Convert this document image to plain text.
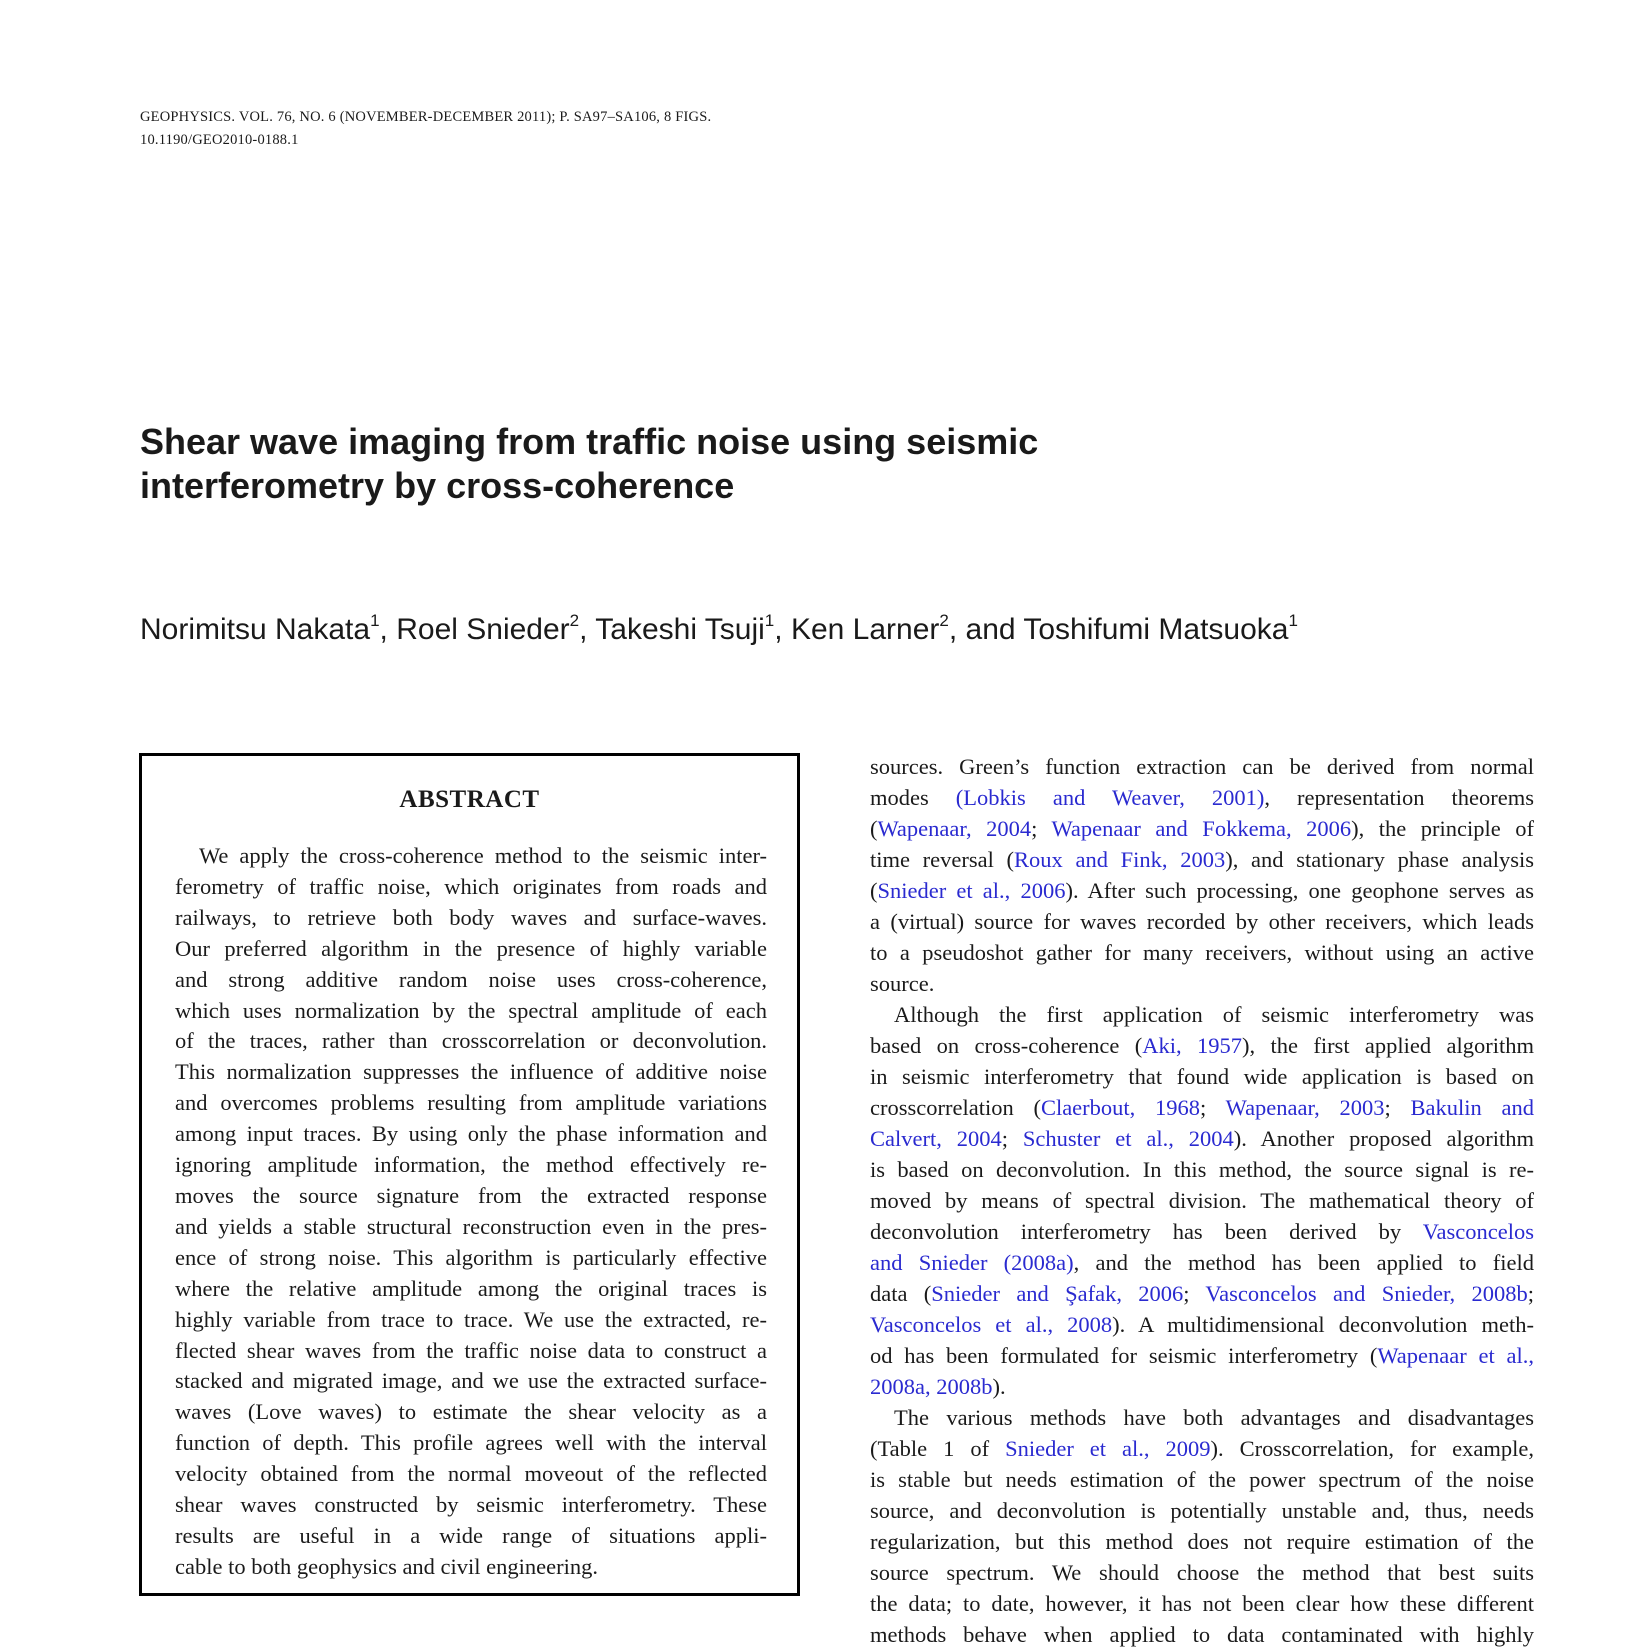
GEOPHYSICS. VOL. 76, NO. 6 (NOVEMBER-DECEMBER 2011); P. SA97–SA106, 8 FIGS.
10.1190/GEO2010-0188.1
Shear wave imaging from traffic noise using seismic
interferometry by cross-coherence
Norimitsu Nakata$^1$, Roel Snieder$^2$, Takeshi Tsuji$^1$, Ken Larner$^2$, and Toshifumi Matsuoka$^1$
ABSTRACT
We apply the cross-coherence method to the seismic inter-
ferometry of traffic noise, which originates from roads and
railways, to retrieve both body waves and surface-waves.
Our preferred algorithm in the presence of highly variable
and strong additive random noise uses cross-coherence,
which uses normalization by the spectral amplitude of each
of the traces, rather than crosscorrelation or deconvolution.
This normalization suppresses the influence of additive noise
and overcomes problems resulting from amplitude variations
among input traces. By using only the phase information and
ignoring amplitude information, the method effectively re-
moves the source signature from the extracted response
and yields a stable structural reconstruction even in the pres-
ence of strong noise. This algorithm is particularly effective
where the relative amplitude among the original traces is
highly variable from trace to trace. We use the extracted, re-
flected shear waves from the traffic noise data to construct a
stacked and migrated image, and we use the extracted surface-
waves (Love waves) to estimate the shear velocity as a
function of depth. This profile agrees well with the interval
velocity obtained from the normal moveout of the reflected
shear waves constructed by seismic interferometry. These
results are useful in a wide range of situations appli-
cable to both geophysics and civil engineering.
sources. Green’s function extraction can be derived from normal
modes (Lobkis and Weaver, 2001), representation theorems
(Wapenaar, 2004; Wapenaar and Fokkema, 2006), the principle of
time reversal (Roux and Fink, 2003), and stationary phase analysis
(Snieder et al., 2006). After such processing, one geophone serves as
a (virtual) source for waves recorded by other receivers, which leads
to a pseudoshot gather for many receivers, without using an active
source.
Although the first application of seismic interferometry was
based on cross-coherence (Aki, 1957), the first applied algorithm
in seismic interferometry that found wide application is based on
crosscorrelation (Claerbout, 1968; Wapenaar, 2003; Bakulin and
Calvert, 2004; Schuster et al., 2004). Another proposed algorithm
is based on deconvolution. In this method, the source signal is re-
moved by means of spectral division. The mathematical theory of
deconvolution interferometry has been derived by Vasconcelos
and Snieder (2008a), and the method has been applied to field
data (Snieder and Şafak, 2006; Vasconcelos and Snieder, 2008b;
Vasconcelos et al., 2008). A multidimensional deconvolution meth-
od has been formulated for seismic interferometry (Wapenaar et al.,
2008a, 2008b).
The various methods have both advantages and disadvantages
(Table 1 of Snieder et al., 2009). Crosscorrelation, for example,
is stable but needs estimation of the power spectrum of the noise
source, and deconvolution is potentially unstable and, thus, needs
regularization, but this method does not require estimation of the
source spectrum. We should choose the method that best suits
the data; to date, however, it has not been clear how these different
methods behave when applied to data contaminated with highly
